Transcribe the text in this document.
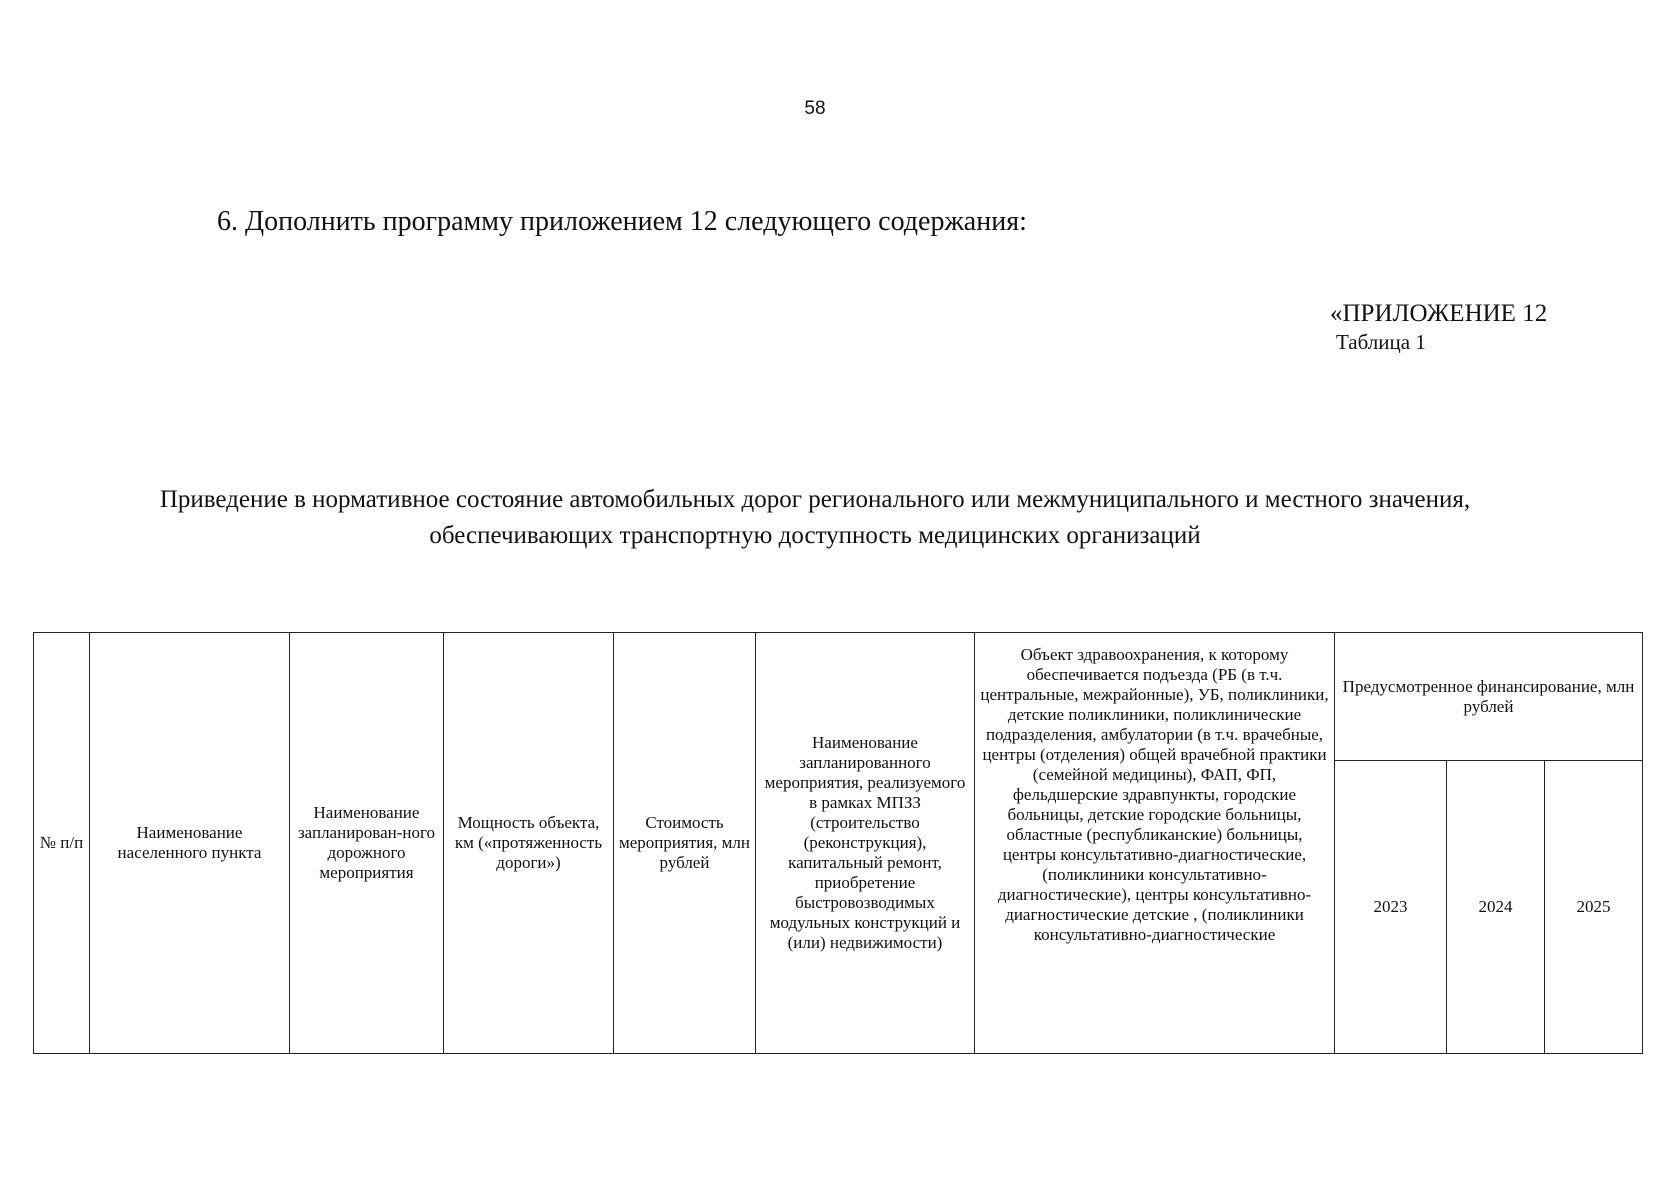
58
6. Дополнить программу приложением 12 следующего содержания:
«ПРИЛОЖЕНИЕ 12
Таблица 1
Приведение в нормативное состояние автомобильных дорог регионального или межмуниципального и местного значения,
обеспечивающих транспортную доступность медицинских организаций
№ п/п	Наименование населенного пункта	Наименование запланирован-ного дорожного мероприятия	Мощность объекта, км («протяженность дороги»)	Стоимость мероприятия, млн рублей	Наименование запланированного мероприятия, реализуемого в рамках МПЗЗ (строительство (реконструкция), капитальный ремонт, приобретение быстровозводимых модульных конструкций и (или) недвижимости)	Объект здравоохранения, к которому обеспечивается подъезда (РБ (в т.ч. центральные, межрайонные), УБ, поликлиники, детские поликлиники, поликлинические подразделения, амбулатории (в т.ч. врачебные, центры (отделения) общей врачебной практики (семейной медицины), ФАП, ФП, фельдшерские здравпункты, городские больницы, детские городские больницы, областные (республиканские) больницы, центры консультативно-диагностические, (поликлиники консультативно-диагностические), центры консультативно-диагностические детские , (поликлиники консультативно-диагностические	Предусмотренное финансирование, млн рублей		

							2023	2024	2025
